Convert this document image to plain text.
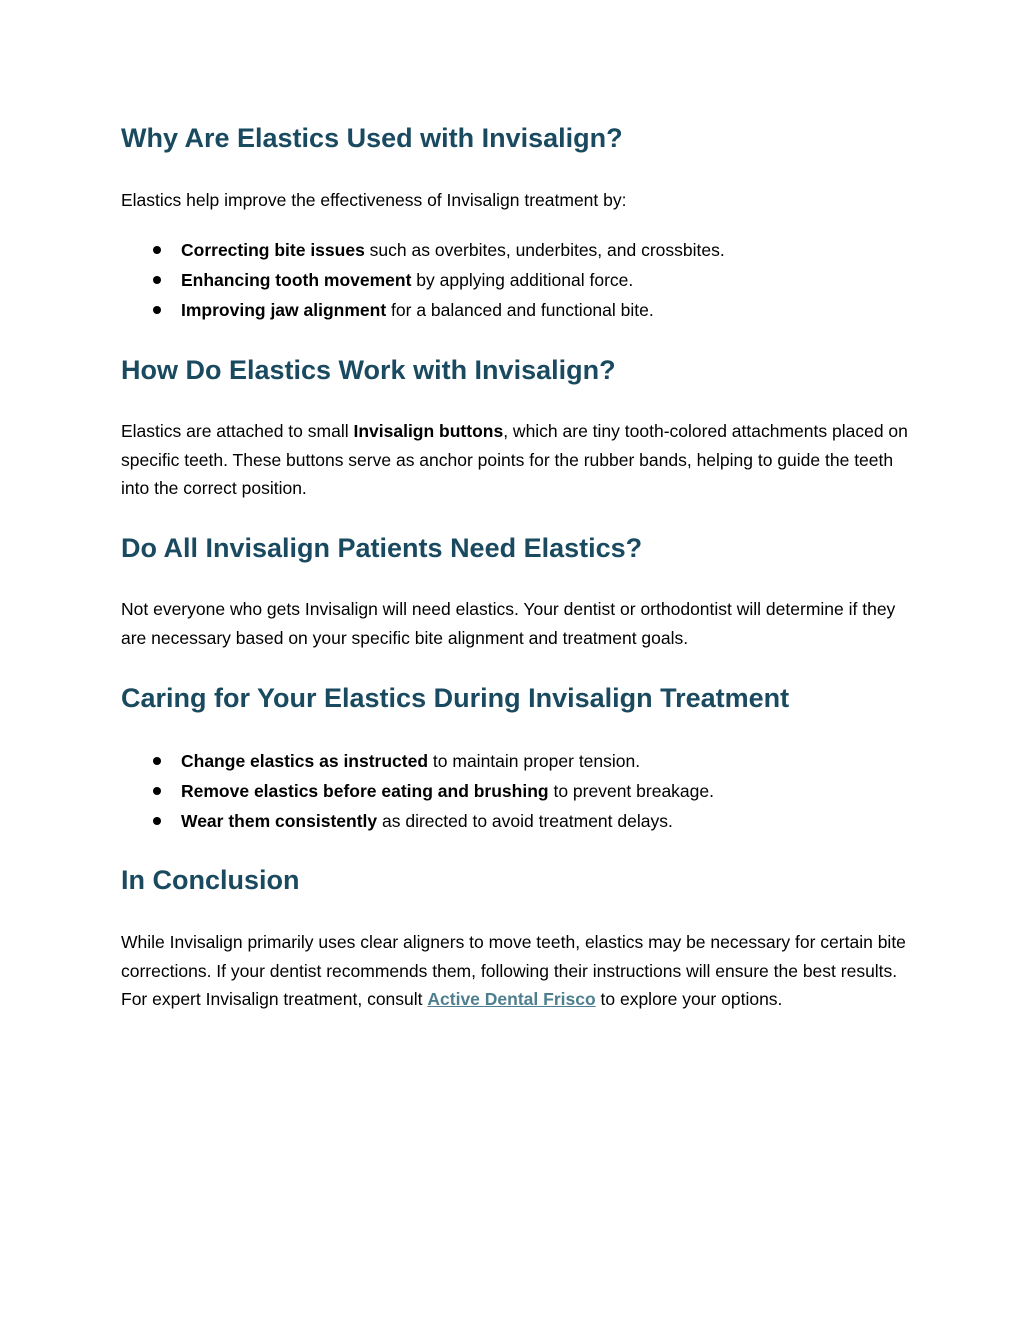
Why Are Elastics Used with Invisalign?

Elastics help improve the effectiveness of Invisalign treatment by:

Correcting bite issues such as overbites, underbites, and crossbites.
Enhancing tooth movement by applying additional force.
Improving jaw alignment for a balanced and functional bite.
How Do Elastics Work with Invisalign?

Elastics are attached to small Invisalign buttons, which are tiny tooth-colored attachments placed on specific teeth. These buttons serve as anchor points for the rubber bands, helping to guide the teeth into the correct position.

Do All Invisalign Patients Need Elastics?

Not everyone who gets Invisalign will need elastics. Your dentist or orthodontist will determine if they are necessary based on your specific bite alignment and treatment goals.

Caring for Your Elastics During Invisalign Treatment
Change elastics as instructed to maintain proper tension.
Remove elastics before eating and brushing to prevent breakage.
Wear them consistently as directed to avoid treatment delays.
In Conclusion

While Invisalign primarily uses clear aligners to move teeth, elastics may be necessary for certain bite corrections. If your dentist recommends them, following their instructions will ensure the best results. For expert Invisalign treatment, consult Active Dental Frisco to explore your options.
